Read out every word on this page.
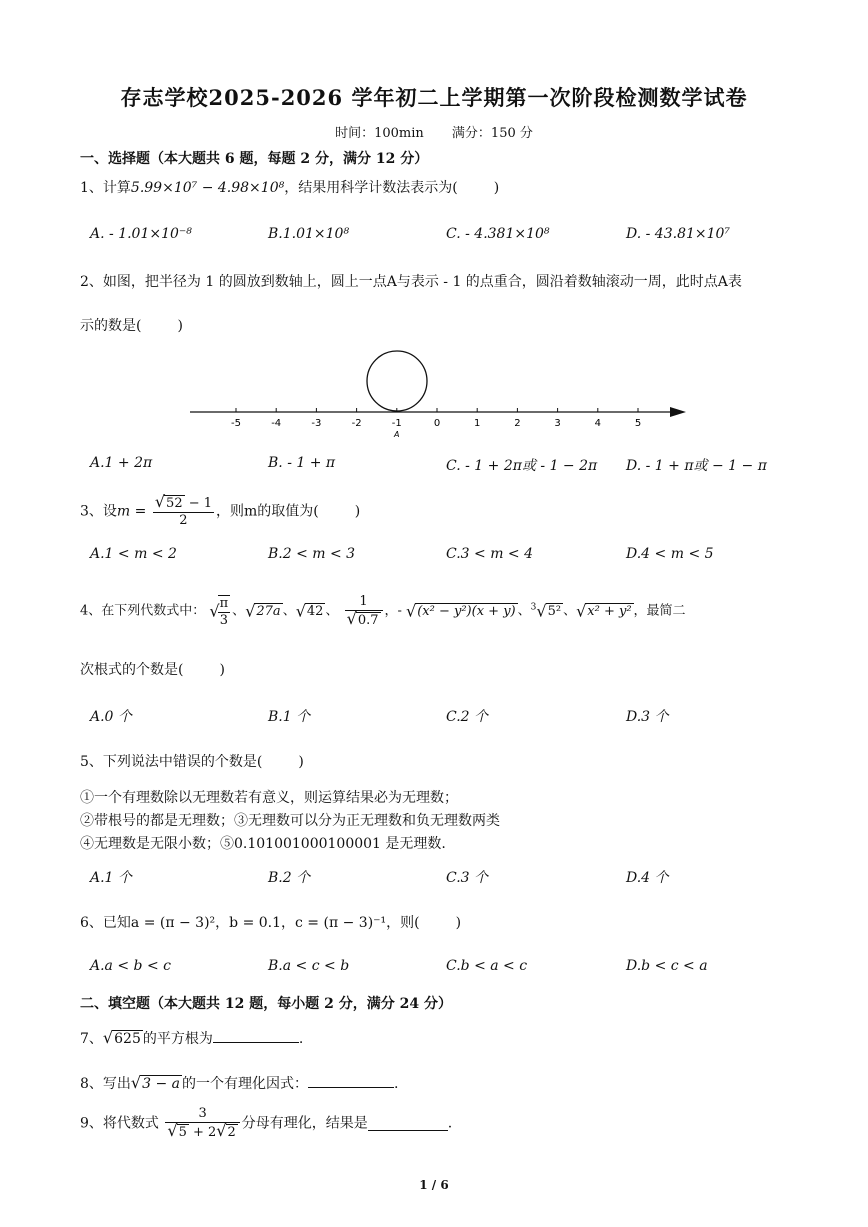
存志学校2025-2026 学年初二上学期第一次阶段检测数学试卷
时间：100min 满分：150 分
一、选择题（本大题共 6 题，每题 2 分，满分 12 分）
1、计算5.99×10⁷ − 4.98×10⁸，结果用科学计数法表示为(	)
A. - 1.01×10⁻⁸	B.1.01×10⁸	C. - 4.381×10⁸	D. - 43.81×10⁷
2、如图，把半径为 1 的圆放到数轴上，圆上一点A与表示 - 1 的点重合，圆沿着数轴滚动一周，此时点A表
示的数是(	)
-5	-4	-3	-2	-1	0	1	2	3	4	5
A
A.1 + 2π	B. - 1 + π	C. - 1 + 2π或 - 1 − 2π D. - 1 + π或 − 1 − π
3、设$m = \frac{√52 - 1}{2}$ ，则m的取值为(	)
A.1 < m < 2	B.2 < m < 3	C.3 < m < 4	D.4 < m < 5
4、在下列代数式中： √
$\frac{\pi}{3}$ 、√27a 、√42 、 $\frac{1}{√0.7}$ ，- √(x² − y²)(x + y) 、$^3$√5² 、√x² + y² ，最简二
次根式的个数是(	)
A.0 个	B.1 个	C.2 个	D.3 个
5、下列说法中错误的个数是(	)
①一个有理数除以无理数若有意义，则运算结果必为无理数；
②带根号的都是无理数；③无理数可以分为正无理数和负无理数两类
④无理数是无限小数；⑤0.101001000100001 是无理数.
A.1 个	B.2 个	C.3 个	D.4 个
6、已知a = (π − 3)²，b = 0.1，c = (π − 3)⁻¹，则(	)
A.a < b < c	B.a < c < b	C.b < a < c	D.b < c < a
二、填空题（本大题共 12 题，每小题 2 分，满分 24 分）
7、√625 的平方根为	.
8、写出√3 − a 的一个有理化因式：	.
9、将代数式 $\frac{3}{√5 + 2√2}$ 分母有理化，结果是	.
1 / 6
